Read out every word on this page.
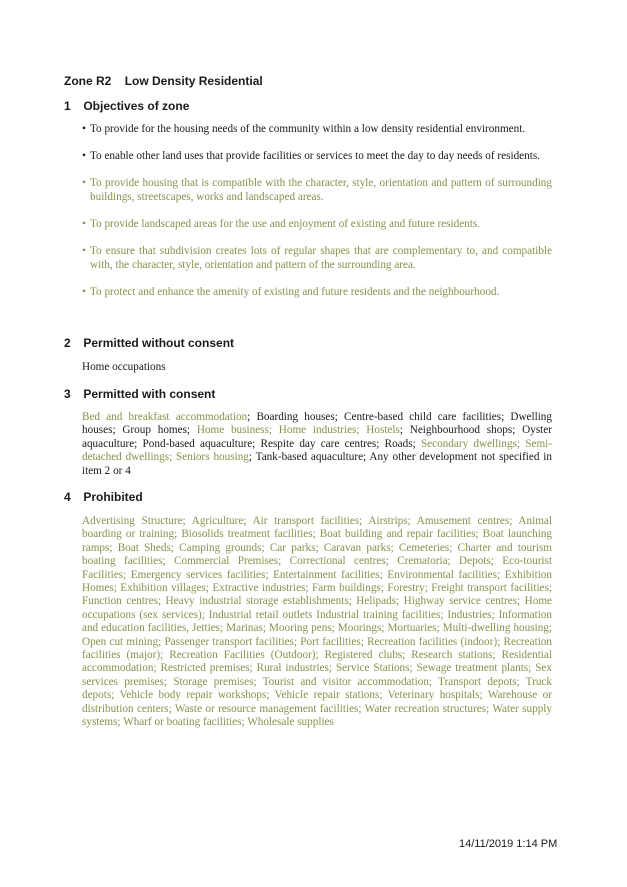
Zone R2 Low Density Residential
1 Objectives of zone
• To provide for the housing needs of the community within a low density residential environment.
• To enable other land uses that provide facilities or services to meet the day to day needs of residents.
• To provide housing that is compatible with the character, style, orientation and pattern of surrounding buildings, streetscapes, works and landscaped areas.
• To provide landscaped areas for the use and enjoyment of existing and future residents.
• To ensure that subdivision creates lots of regular shapes that are complementary to, and compatible with, the character, style, orientation and pattern of the surrounding area.
• To protect and enhance the amenity of existing and future residents and the neighbourhood.
2 Permitted without consent
Home occupations
3 Permitted with consent
Bed and breakfast accommodation; Boarding houses; Centre-based child care facilities; Dwelling houses; Group homes; Home business; Home industries; Hostels; Neighbourhood shops; Oyster aquaculture; Pond-based aquaculture; Respite day care centres; Roads; Secondary dwellings; Semi-detached dwellings; Seniors housing; Tank-based aquaculture; Any other development not specified in item 2 or 4
4 Prohibited
Advertising Structure; Agriculture; Air transport facilities; Airstrips; Amusement centres; Animal boarding or training; Biosolids treatment facilities; Boat building and repair facilities; Boat launching ramps; Boat Sheds; Camping grounds; Car parks; Caravan parks; Cemeteries; Charter and tourism boating facilities; Commercial Premises; Correctional centres; Crematoria; Depots; Eco-tourist Facilities; Emergency services facilities; Entertainment facilities; Environmental facilities; Exhibition Homes; Exhibition villages; Extractive industries; Farm buildings; Forestry; Freight transport facilities; Function centres; Heavy industrial storage establishments; Helipads; Highway service centres; Home occupations (sex services); Industrial retail outlets Industrial training facilities; Industries; Information and education facilities, Jetties; Marinas; Mooring pens; Moorings; Mortuaries; Multi-dwelling housing; Open cut mining; Passenger transport facilities; Port facilities; Recreation facilities (indoor); Recreation facilities (major); Recreation Facilities (Outdoor); Registered clubs; Research stations; Residential accommodation; Restricted premises; Rural industries; Service Stations; Sewage treatment plants; Sex services premises; Storage premises; Tourist and visitor accommodation; Transport depots; Truck depots; Vehicle body repair workshops; Vehicle repair stations; Veterinary hospitals; Warehouse or distribution centers; Waste or resource management facilities; Water recreation structures; Water supply systems; Wharf or boating facilities; Wholesale supplies
14/11/2019 1:14 PM
